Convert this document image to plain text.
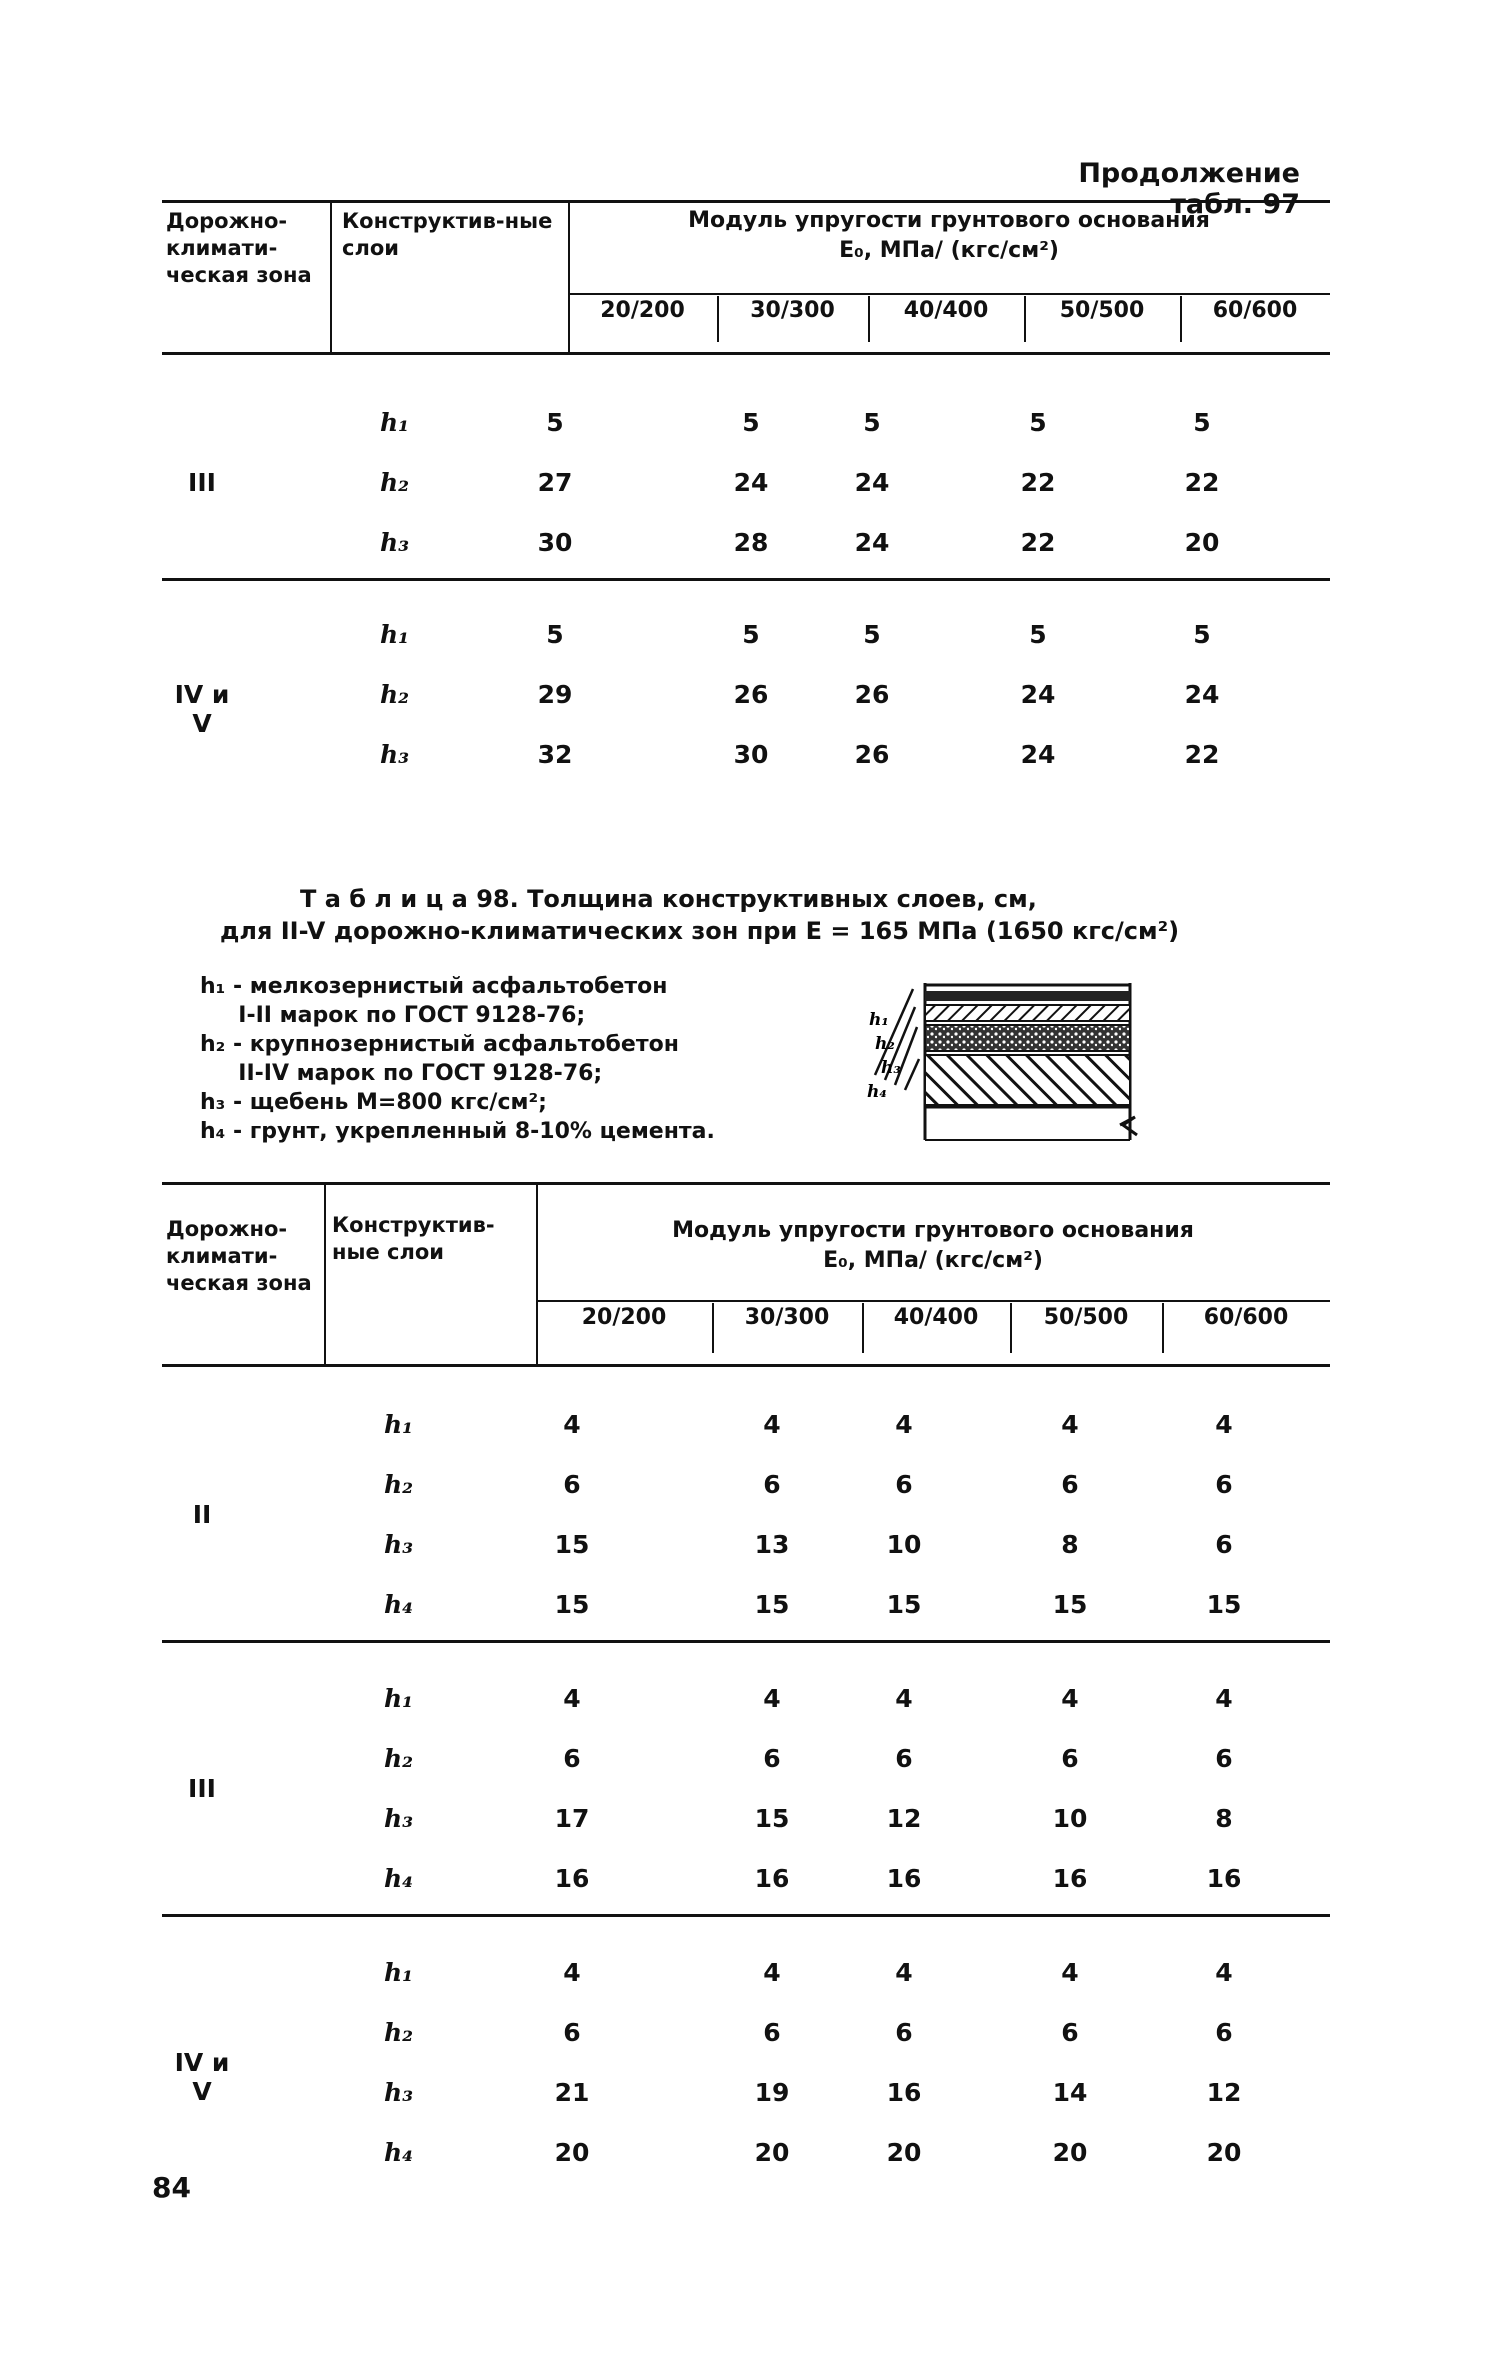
Продолжение табл. 97
Дорожно-климати-ческая зона
Конструктив-ные слои
Модуль упругости грунтового основания
E₀, МПа/ (кгс/см²)
20/200	30/300	40/400	50/500	60/600
h₁	5	5	5	5	5
III	h₂	27	24	24	22	22
h₃	30	28	24	22	20
h₁	5	5	5	5	5
IV и V
h₂	29	26	26	24	24
h₃	32	30	26	24	22
Т а б л и ц а 98. Толщина конструктивных слоев, см,
для II-V дорожно-климатических зон при E = 165 МПа (1650 кгс/см²)
h₁ - мелкозернистый асфальтобетон
I-II марок по ГОСТ 9128-76;
h₂ - крупнозернистый асфальтобетон
II-IV марок по ГОСТ 9128-76;
h₃ - щебень М=800 кгс/см²;
h₄ - грунт, укрепленный 8-10% цемента.
h₁
h₂
h₃
h₄
Дорожно-климати-ческая зона
Конструктив-ные слои
Модуль упругости грунтового основания
E₀, МПа/ (кгс/см²)
20/200	30/300	40/400	50/500	60/600
h₁	4	4	4	4	4
h₂	6	6	6	6	6
II
h₃	15	13	10	8	6
h₄	15	15	15	15	15
h₁	4	4	4	4	4
h₂	6	6	6	6	6
III
h₃	17	15	12	10	8
h₄	16	16	16	16	16
h₁	4	4	4	4	4
h₂	6	6	6	6	6
IV и V	h₃	21	19	16	14	12
h₄	20	20	20	20	20
84
